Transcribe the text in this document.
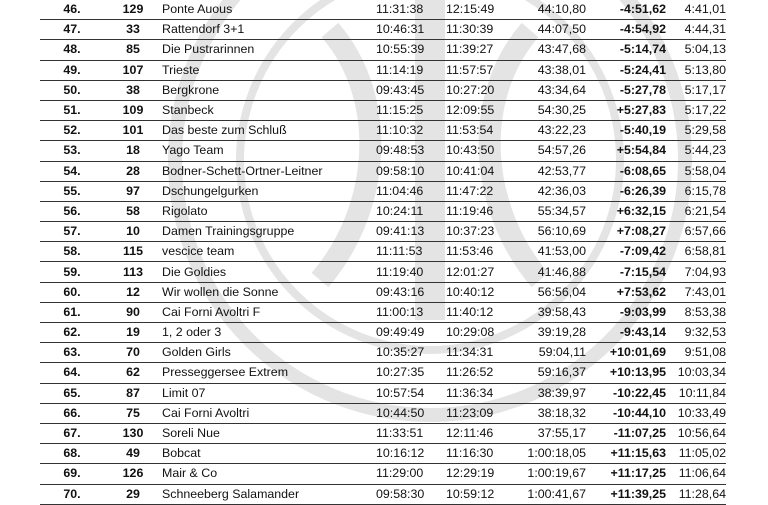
46.	129	Ponte Auous	11:31:38	12:15:49	44:10,80	-4:51,62	4:41,01
47.	33	Rattendorf 3+1	10:46:31	11:30:39	44:07,50	-4:54,92	4:44,31
48.	85	Die Pustrarinnen	10:55:39	11:39:27	43:47,68	-5:14,74	5:04,13
49.	107	Trieste	11:14:19	11:57:57	43:38,01	-5:24,41	5:13,80
50.	38	Bergkrone	09:43:45	10:27:20	43:34,64	-5:27,78	5:17,17
51.	109	Stanbeck	11:15:25	12:09:55	54:30,25	+5:27,83	5:17,22
52.	101	Das beste zum Schluß	11:10:32	11:53:54	43:22,23	-5:40,19	5:29,58
53.	18	Yago Team	09:48:53	10:43:50	54:57,26	+5:54,84	5:44,23
54.	28	Bodner-Schett-Ortner-Leitner	09:58:10	10:41:04	42:53,77	-6:08,65	5:58,04
55.	97	Dschungelgurken	11:04:46	11:47:22	42:36,03	-6:26,39	6:15,78
56.	58	Rigolato	10:24:11	11:19:46	55:34,57	+6:32,15	6:21,54
57.	10	Damen Trainingsgruppe	09:41:13	10:37:23	56:10,69	+7:08,27	6:57,66
58.	115	vescice team	11:11:53	11:53:46	41:53,00	-7:09,42	6:58,81
59.	113	Die Goldies	11:19:40	12:01:27	41:46,88	-7:15,54	7:04,93
60.	12	Wir wollen die Sonne	09:43:16	10:40:12	56:56,04	+7:53,62	7:43,01
61.	90	Cai Forni Avoltri F	11:00:13	11:40:12	39:58,43	-9:03,99	8:53,38
62.	19	1, 2 oder 3	09:49:49	10:29:08	39:19,28	-9:43,14	9:32,53
63.	70	Golden Girls	10:35:27	11:34:31	59:04,11	+10:01,69	9:51,08
64.	62	Presseggersee Extrem	10:27:35	11:26:52	59:16,37	+10:13,95	10:03,34
65.	87	Limit 07	10:57:54	11:36:34	38:39,97	-10:22,45	10:11,84
66.	75	Cai Forni Avoltri	10:44:50	11:23:09	38:18,32	-10:44,10	10:33,49
67.	130	Soreli Nue	11:33:51	12:11:46	37:55,17	-11:07,25	10:56,64
68.	49	Bobcat	10:16:12	11:16:30	1:00:18,05	+11:15,63	11:05,02
69.	126	Mair & Co	11:29:00	12:29:19	1:00:19,67	+11:17,25	11:06,64
70.	29	Schneeberg Salamander	09:58:30	10:59:12	1:00:41,67	+11:39,25	11:28,64
